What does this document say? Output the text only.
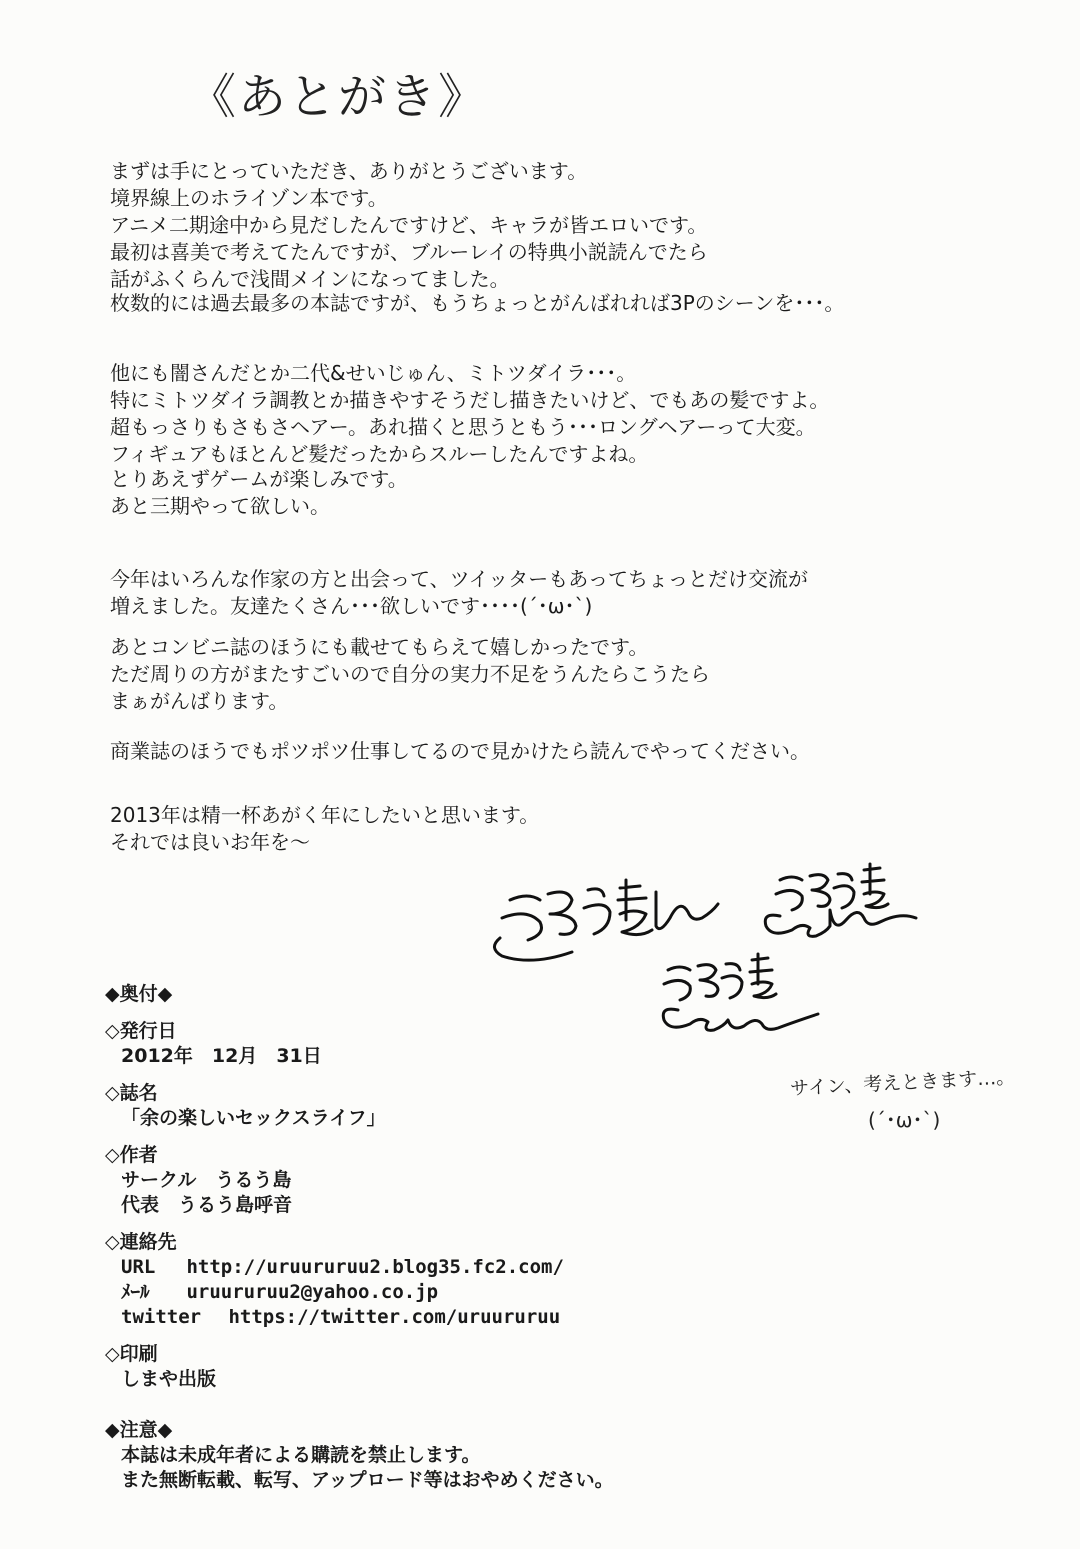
《あとがき》

まずは手にとっていただき、ありがとうございます。

境界線上のホライゾン本です。

アニメ二期途中から見だしたんですけど、キャラが皆エロいです。

最初は喜美で考えてたんですが、ブルーレイの特典小説読んでたら

話がふくらんで浅間メインになってました。

枚数的には過去最多の本誌ですが、もうちょっとがんばれれば3Pのシーンを･･･。

他にも闇さんだとか二代&せいじゅん、ミトツダイラ･･･。

特にミトツダイラ調教とか描きやすそうだし描きたいけど、でもあの髪ですよ。

超もっさりもさもさヘアー。あれ描くと思うともう･･･ロングヘアーって大変。

フィギュアもほとんど髪だったからスルーしたんですよね。

とりあえずゲームが楽しみです。

あと三期やって欲しい。

今年はいろんな作家の方と出会って、ツイッターもあってちょっとだけ交流が

増えました。友達たくさん･･･欲しいです････(´･ω･`)

あとコンビニ誌のほうにも載せてもらえて嬉しかったです。

ただ周りの方がまたすごいので自分の実力不足をうんたらこうたら

まぁがんばります。

商業誌のほうでもポツポツ仕事してるので見かけたら読んでやってください。

2013年は精一杯あがく年にしたいと思います。

それでは良いお年を～

サイン、考えときます…。
(´･ω･`)
◆奥付◆
◇発行日
2012年　12月　31日
◇誌名
「余の楽しいセックスライフ」
◇作者
サークル　うるう島
代表　うるう島呼音
◇連絡先
URL http://uruururuu2.blog35.fc2.com/
ﾒｰﾙ uruururuu2@yahoo.co.jp
twitter https://twitter.com/uruururuu
◇印刷
しまや出版
◆注意◆
本誌は未成年者による購読を禁止します。
また無断転載、転写、アップロード等はおやめください。
